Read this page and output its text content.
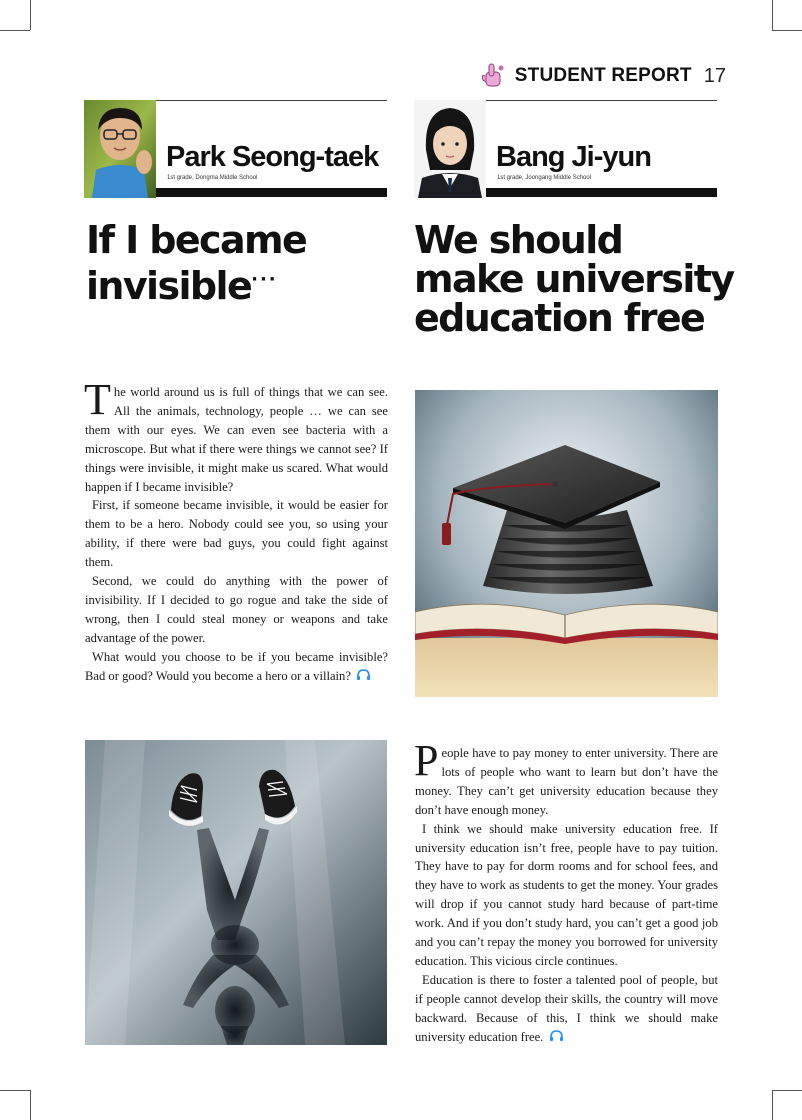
STUDENT REPORT 17
Park Seong-taek
1st grade, Dongma Middle School
Bang Ji-yun
1st grade, Joongang Middle School
If I became
invisible···
We should
make university
education free

The world around us is full of things that we can see. All the animals, technology, people … we can see them with our eyes. We can even see bacteria with a microscope. But what if there were things we cannot see? If things were invisible, it might make us scared. What would happen if I became invisible?

First, if someone became invisible, it would be easier for them to be a hero. Nobody could see you, so using your ability, if there were bad guys, you could fight against them.

Second, we could do anything with the power of invisibility. If I decided to go rogue and take the side of wrong, then I could steal money or weapons and take advantage of the power.

What would you choose to be if you became invisible? Bad or good? Would you become a hero or a villain?

People have to pay money to enter university. There are lots of people who want to learn but don’t have the money. They can’t get university education because they don’t have enough money.

I think we should make university education free. If university education isn’t free, people have to pay tuition. They have to pay for dorm rooms and for school fees, and they have to work as students to get the money. Your grades will drop if you cannot study hard because of part-time work. And if you don’t study hard, you can’t get a good job and you can’t repay the money you borrowed for university education. This vicious circle continues.

Education is there to foster a talented pool of people, but if people cannot develop their skills, the country will move backward. Because of this, I think we should make university education free.
